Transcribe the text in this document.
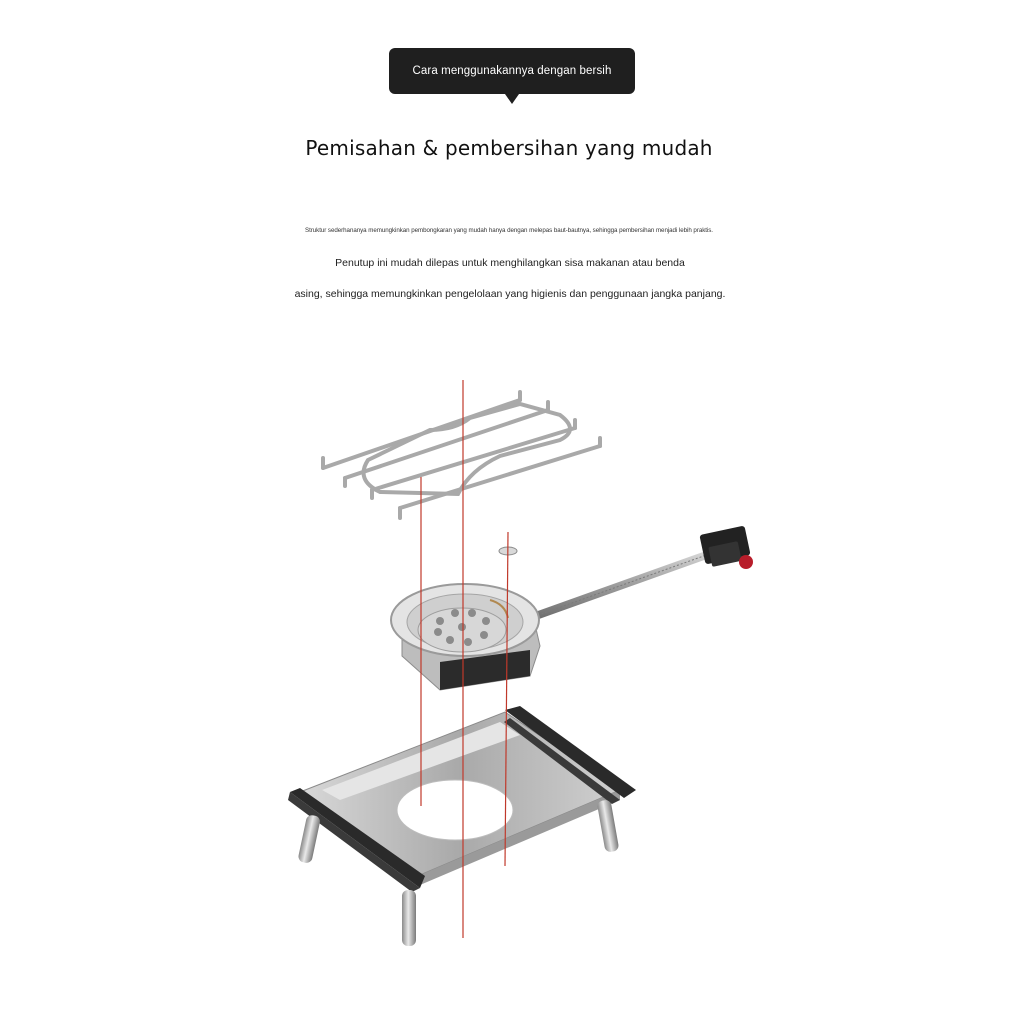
Cara menggunakannya dengan bersih
Pemisahan & pembersihan yang mudah
Struktur sederhananya memungkinkan pembongkaran yang mudah hanya dengan melepas baut-bautnya, sehingga pembersihan menjadi lebih praktis.
Penutup ini mudah dilepas untuk menghilangkan sisa makanan atau benda
asing, sehingga memungkinkan pengelolaan yang higienis dan penggunaan jangka panjang.
